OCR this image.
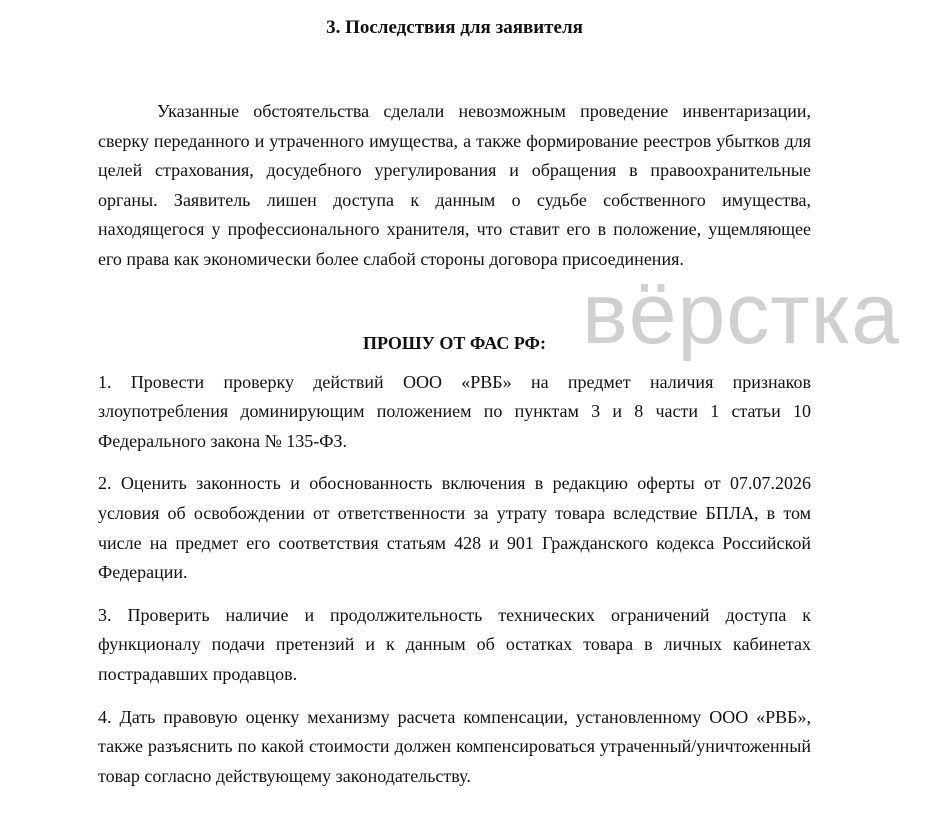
3. Последствия для заявителя

Указанные обстоятельства сделали невозможным проведение инвентаризации, сверку переданного и утраченного имущества, а также формирование реестров убытков для целей страхования, досудебного урегулирования и обращения в правоохранительные органы. Заявитель лишен доступа к данным о судьбе собственного имущества, находящегося у профессионального хранителя, что ставит его в положение, ущемляющее его права как экономически более слабой стороны договора присоединения.

ПРОШУ ОТ ФАС РФ:

1. Провести проверку действий ООО «РВБ» на предмет наличия признаков злоупотребления доминирующим положением по пунктам 3 и 8 части 1 статьи 10 Федерального закона № 135-ФЗ.

2. Оценить законность и обоснованность включения в редакцию оферты от 07.07.2026 условия об освобождении от ответственности за утрату товара вследствие БПЛА, в том числе на предмет его соответствия статьям 428 и 901 Гражданского кодекса Российской Федерации.

3. Проверить наличие и продолжительность технических ограничений доступа к функционалу подачи претензий и к данным об остатках товара в личных кабинетах пострадавших продавцов.

4. Дать правовую оценку механизму расчета компенсации, установленному ООО «РВБ», также разъяснить по какой стоимости должен компенсироваться утраченный/уничтоженный товар согласно действующему законодательству.

вёрстка
